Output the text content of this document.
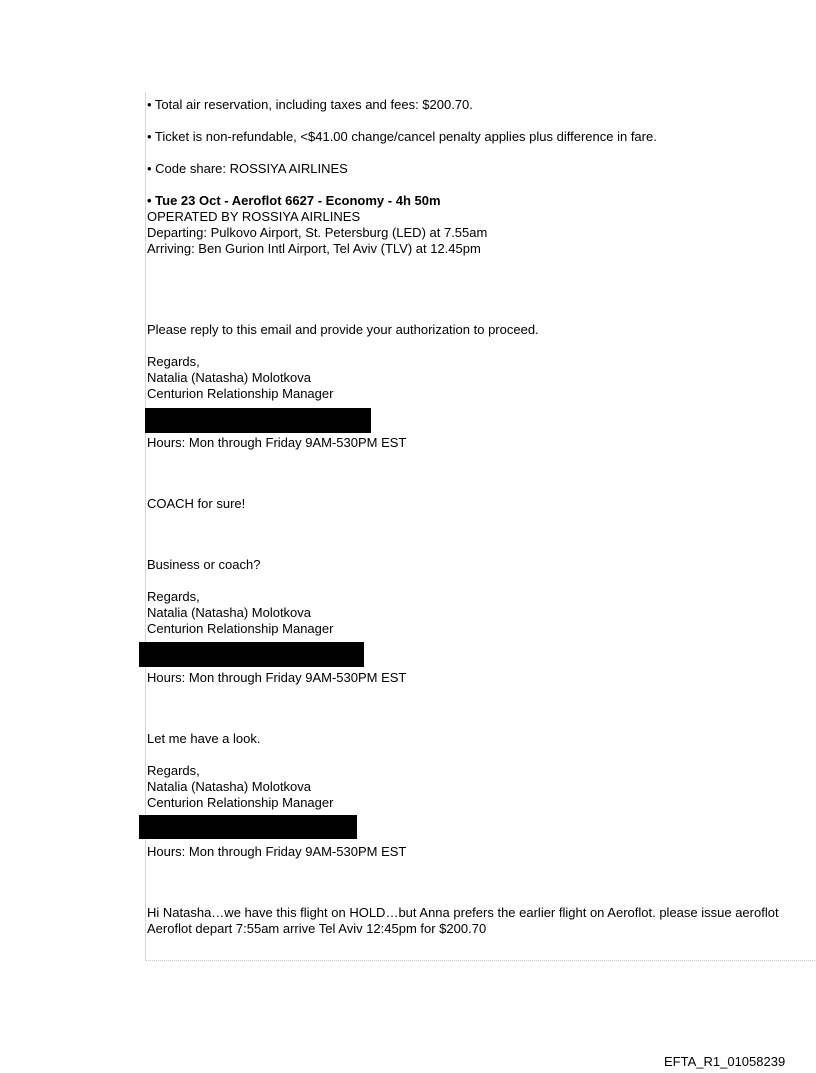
• Total air reservation, including taxes and fees: $200.70.
• Ticket is non-refundable, <$41.00 change/cancel penalty applies plus difference in fare.
• Code share: ROSSIYA AIRLINES
• Tue 23 Oct - Aeroflot 6627 - Economy - 4h 50m
OPERATED BY ROSSIYA AIRLINES
Departing: Pulkovo Airport, St. Petersburg (LED) at 7.55am
Arriving: Ben Gurion Intl Airport, Tel Aviv (TLV) at 12.45pm
Please reply to this email and provide your authorization to proceed.
Regards,
Natalia (Natasha) Molotkova
Centurion Relationship Manager
Hours: Mon through Friday 9AM-530PM EST
COACH for sure!
Business or coach?
Regards,
Natalia (Natasha) Molotkova
Centurion Relationship Manager
Hours: Mon through Friday 9AM-530PM EST
Let me have a look.
Regards,
Natalia (Natasha) Molotkova
Centurion Relationship Manager
Hours: Mon through Friday 9AM-530PM EST
Hi Natasha…we have this flight on HOLD…but Anna prefers the earlier flight on Aeroflot. please issue aeroflot
Aeroflot depart 7:55am arrive Tel Aviv 12:45pm for $200.70
EFTA_R1_01058239
